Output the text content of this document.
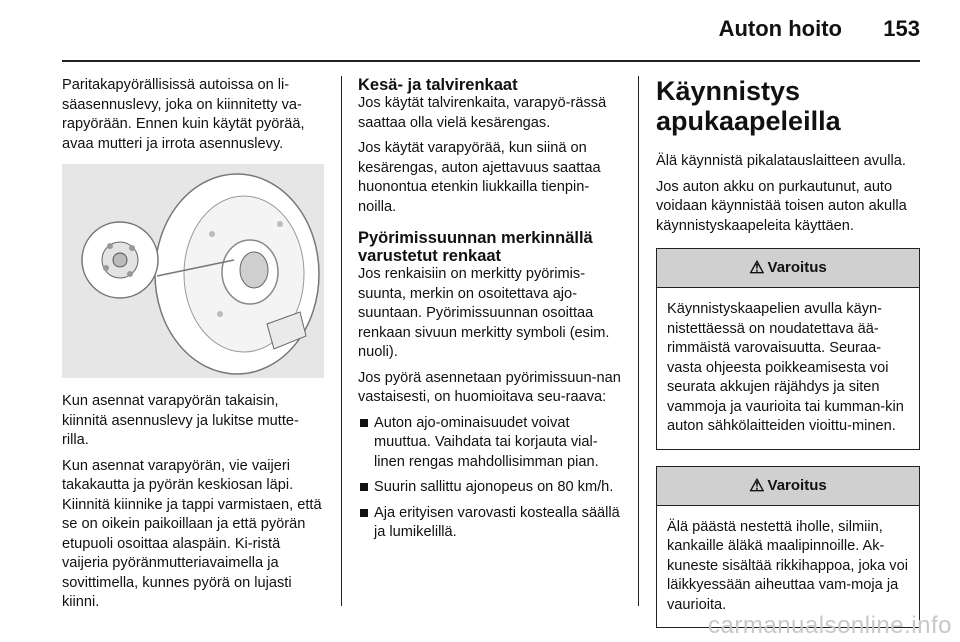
Auton hoito 153

Paritakapyörällisissä autoissa on li-säasennuslevy, joka on kiinnitetty va-rapyörään. Ennen kuin käytät pyörää, avaa mutteri ja irrota asennuslevy.

Kun asennat varapyörän takaisin, kiinnitä asennuslevy ja lukitse mutte-rilla.

Kun asennat varapyörän, vie vaijeri takakautta ja pyörän keskiosan läpi. Kiinnitä kiinnike ja tappi varmistaen, että se on oikein paikoillaan ja että pyörän etupuoli osoittaa alaspäin. Ki-ristä vaijeria pyöränmutteriavaimella ja sovittimella, kunnes pyörä on lujasti kiinni.

Kesä- ja talvirenkaat

Jos käytät talvirenkaita, varapyö-rässä saattaa olla vielä kesärengas.

Jos käytät varapyörää, kun siinä on kesärengas, auton ajettavuus saattaa huonontua etenkin liukkailla tienpin-noilla.

Pyörimissuunnan merkinnällä varustetut renkaat

Jos renkaisiin on merkitty pyörimis-suunta, merkin on osoitettava ajo-suuntaan. Pyörimissuunnan osoittaa renkaan sivuun merkitty symboli (esim. nuoli).

Jos pyörä asennetaan pyörimissuun-nan vastaisesti, on huomioitava seu-raava:

Auton ajo-ominaisuudet voivat muuttua. Vaihdata tai korjauta vial-linen rengas mahdollisimman pian.
Suurin sallittu ajonopeus on 80 km/h.
Aja erityisen varovasti kostealla säällä ja lumikelillä.
Käynnistys apukaapeleilla

Älä käynnistä pikalatauslaitteen avulla.

Jos auton akku on purkautunut, auto voidaan käynnistää toisen auton akulla käynnistyskaapeleita käyttäen.

⚠ Varoitus
Käynnistyskaapelien avulla käyn-nistettäessä on noudatettava ää-rimmäistä varovaisuutta. Seuraa-vasta ohjeesta poikkeamisesta voi seurata akkujen räjähdys ja siten vammoja ja vaurioita tai kumman-kin auton sähkölaitteiden vioittu-minen.
⚠ Varoitus
Älä päästä nestettä iholle, silmiin, kankaille äläkä maalipinnoille. Ak-kuneste sisältää rikkihappoa, joka voi läikkyessään aiheuttaa vam-moja ja vaurioita.
carmanualsonline.info
